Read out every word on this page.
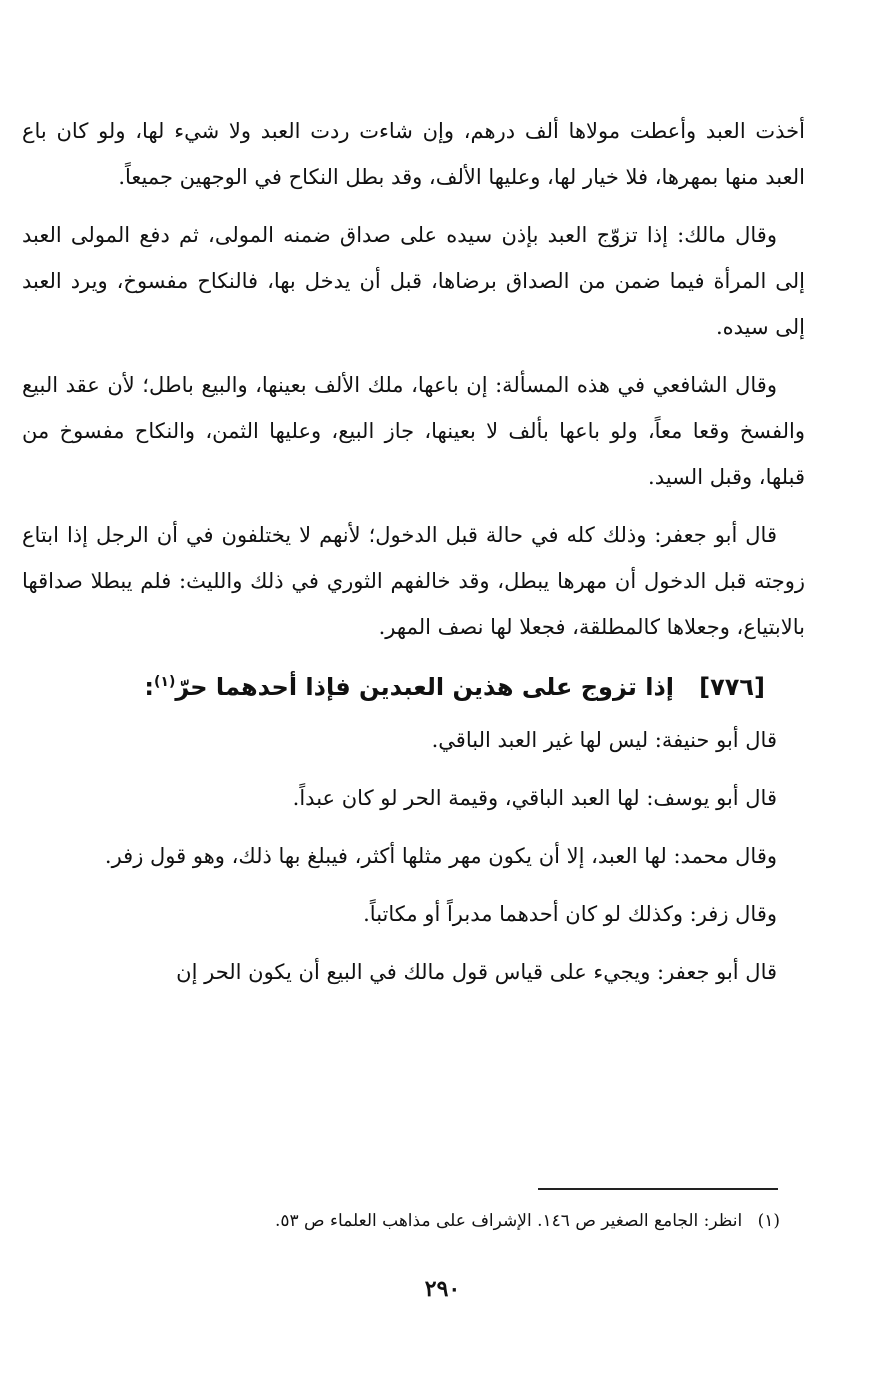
أخذت العبد وأعطت مولاها ألف درهم، وإن شاءت ردت العبد ولا شيء لها، ولو كان باع العبد منها بمهرها، فلا خيار لها، وعليها الألف، وقد بطل النكاح في الوجهين جميعاً.

وقال مالك: إذا تزوّج العبد بإذن سيده على صداق ضمنه المولى، ثم دفع المولى العبد إلى المرأة فيما ضمن من الصداق برضاها، قبل أن يدخل بها، فالنكاح مفسوخ، ويرد العبد إلى سيده.

وقال الشافعي في هذه المسألة: إن باعها، ملك الألف بعينها، والبيع باطل؛ لأن عقد البيع والفسخ وقعا معاً، ولو باعها بألف لا بعينها، جاز البيع، وعليها الثمن، والنكاح مفسوخ من قبلها، وقبل السيد.

قال أبو جعفر: وذلك كله في حالة قبل الدخول؛ لأنهم لا يختلفون في أن الرجل إذا ابتاع زوجته قبل الدخول أن مهرها يبطل، وقد خالفهم الثوري في ذلك والليث: فلم يبطلا صداقها بالابتياع، وجعلاها كالمطلقة، فجعلا لها نصف المهر.

[٧٧٦]   إذا تزوج على هذين العبدين فإذا أحدهما حرّ$^{(١)}$:

قال أبو حنيفة: ليس لها غير العبد الباقي.

قال أبو يوسف: لها العبد الباقي، وقيمة الحر لو كان عبداً.

وقال محمد: لها العبد، إلا أن يكون مهر مثلها أكثر، فيبلغ بها ذلك، وهو قول زفر.

وقال زفر: وكذلك لو كان أحدهما مدبراً أو مكاتباً.

قال أبو جعفر: ويجيء على قياس قول مالك في البيع أن يكون الحر إن

(١) انظر: الجامع الصغير ص ١٤٦. الإشراف على مذاهب العلماء ص ٥٣.
٢٩٠
